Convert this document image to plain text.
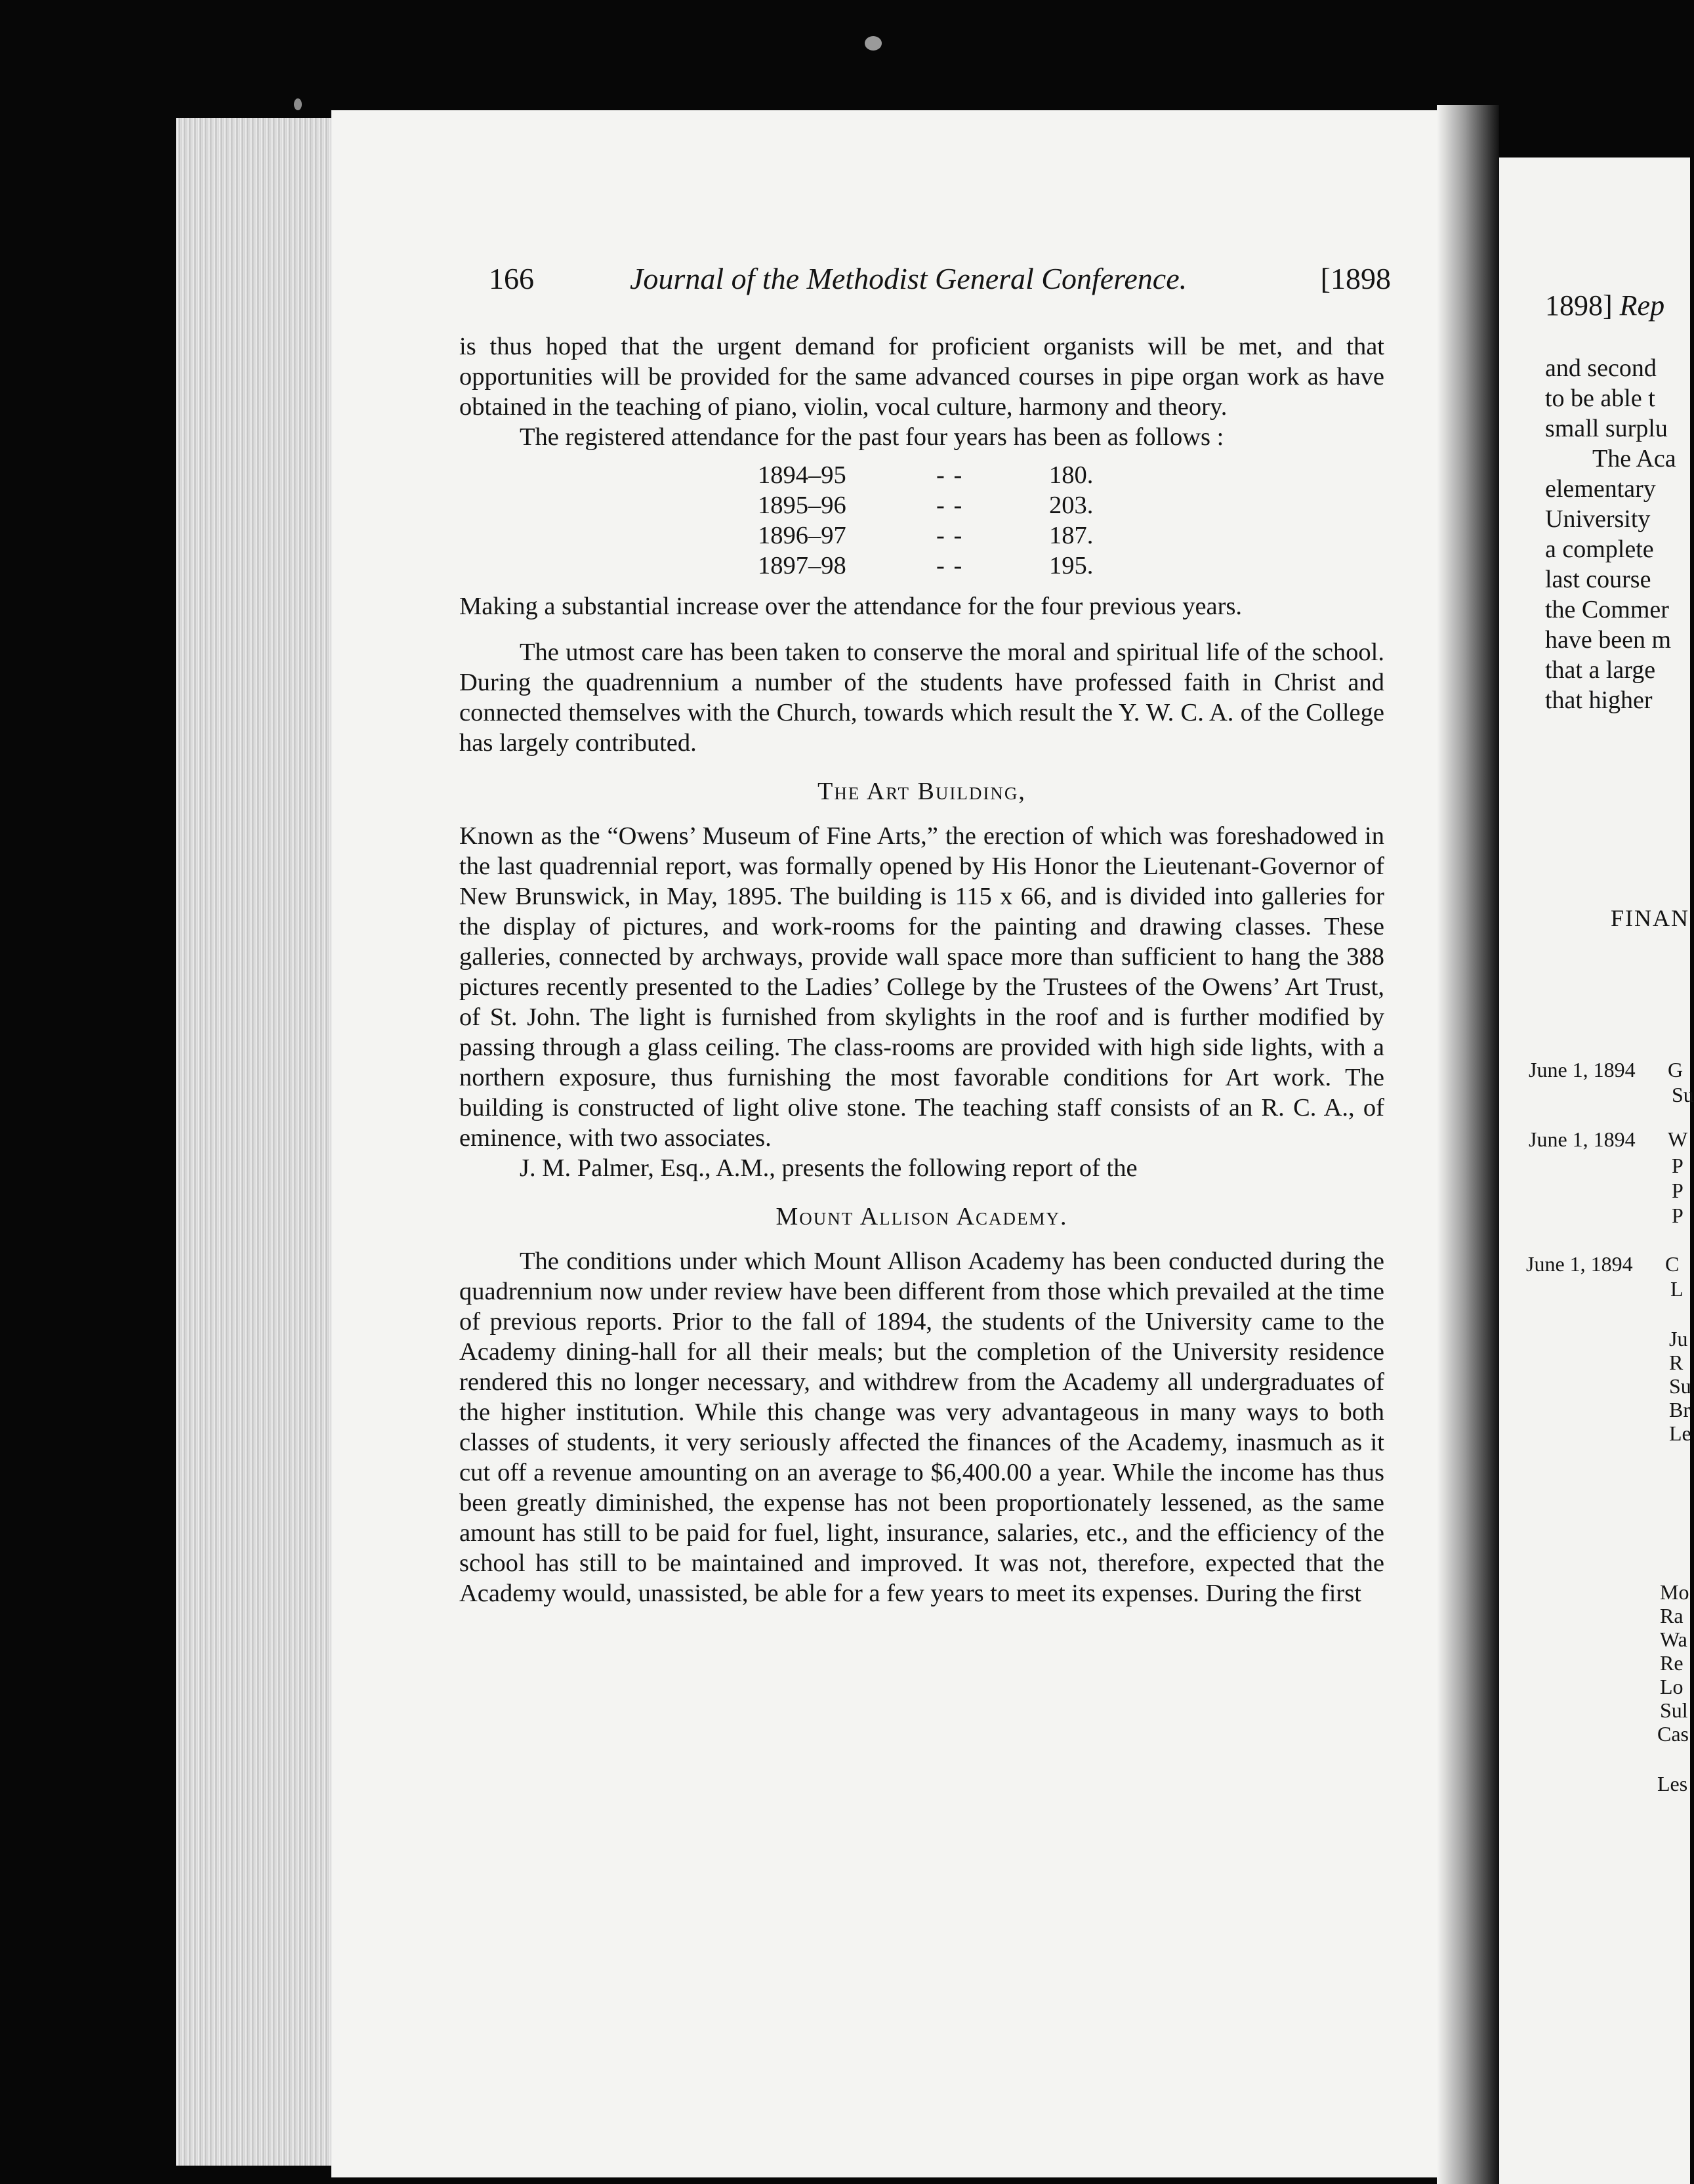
166	Journal of the Methodist General Conference.	[1898

is thus hoped that the urgent demand for proficient organists will be met, and that opportunities will be provided for the same advanced courses in pipe organ work as have obtained in the teaching of piano, violin, vocal culture, harmony and theory.

The registered attendance for the past four years has been as follows :

1894–95	- -	180.
1895–96	- -	203.
1896–97	- -	187.
1897–98	- -	195.

Making a substantial increase over the attendance for the four previous years.

The utmost care has been taken to conserve the moral and spiritual life of the school. During the quadrennium a number of the students have professed faith in Christ and connected themselves with the Church, towards which result the Y. W. C. A. of the College has largely contributed.

The Art Building,

Known as the “Owens’ Museum of Fine Arts,” the erection of which was foreshadowed in the last quadrennial report, was formally opened by His Honor the Lieutenant-Governor of New Brunswick, in May, 1895. The building is 115 x 66, and is divided into galleries for the display of pictures, and work-rooms for the painting and drawing classes. These galleries, connected by archways, provide wall space more than sufficient to hang the 388 pictures recently presented to the Ladies’ College by the Trustees of the Owens’ Art Trust, of St. John. The light is furnished from skylights in the roof and is further modified by passing through a glass ceiling. The class-rooms are provided with high side lights, with a northern exposure, thus furnishing the most favorable conditions for Art work. The building is constructed of light olive stone. The teaching staff consists of an R. C. A., of eminence, with two associates.

J. M. Palmer, Esq., A.M., presents the following report of the

Mount Allison Academy.

The conditions under which Mount Allison Academy has been conducted during the quadrennium now under review have been different from those which prevailed at the time of previous reports. Prior to the fall of 1894, the students of the University came to the Academy dining-hall for all their meals; but the completion of the University residence rendered this no longer necessary, and withdrew from the Academy all undergraduates of the higher institution. While this change was very advantageous in many ways to both classes of students, it very seriously affected the finances of the Academy, inasmuch as it cut off a revenue amounting on an average to $6,400.00 a year. While the income has thus been greatly diminished, the expense has not been proportionately lessened, as the same amount has still to be paid for fuel, light, insurance, salaries, etc., and the efficiency of the school has still to be maintained and improved. It was not, therefore, expected that the Academy would, unassisted, be able for a few years to meet its expenses. During the first

1898] Rep
and second
to be able t
small surplu
The Aca
elementary
University
a complete
last course
the Commer
have been m
that a large
that higher
FINAN
June 1, 1894 G
Su
June 1, 1894 W
P
P
P
June 1, 1894 C
L
Ju
R
Su
Br
Le
Mo
Ra
Wa
Re
Lo
Sul
Cas
Les
